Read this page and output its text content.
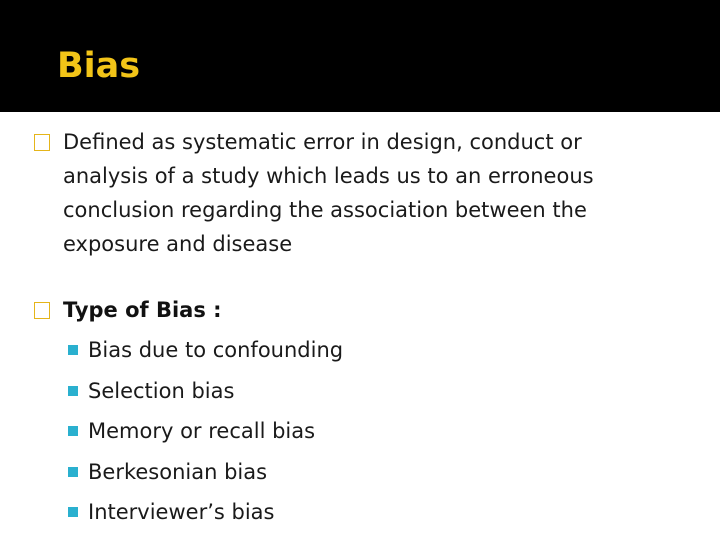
Bias
Defined as systematic error in design, conduct or analysis of a study which leads us to an erroneous conclusion regarding the association between the exposure and disease
Type of Bias :
Bias due to confounding
Selection bias
Memory or recall bias
Berkesonian bias
Interviewer’s bias
